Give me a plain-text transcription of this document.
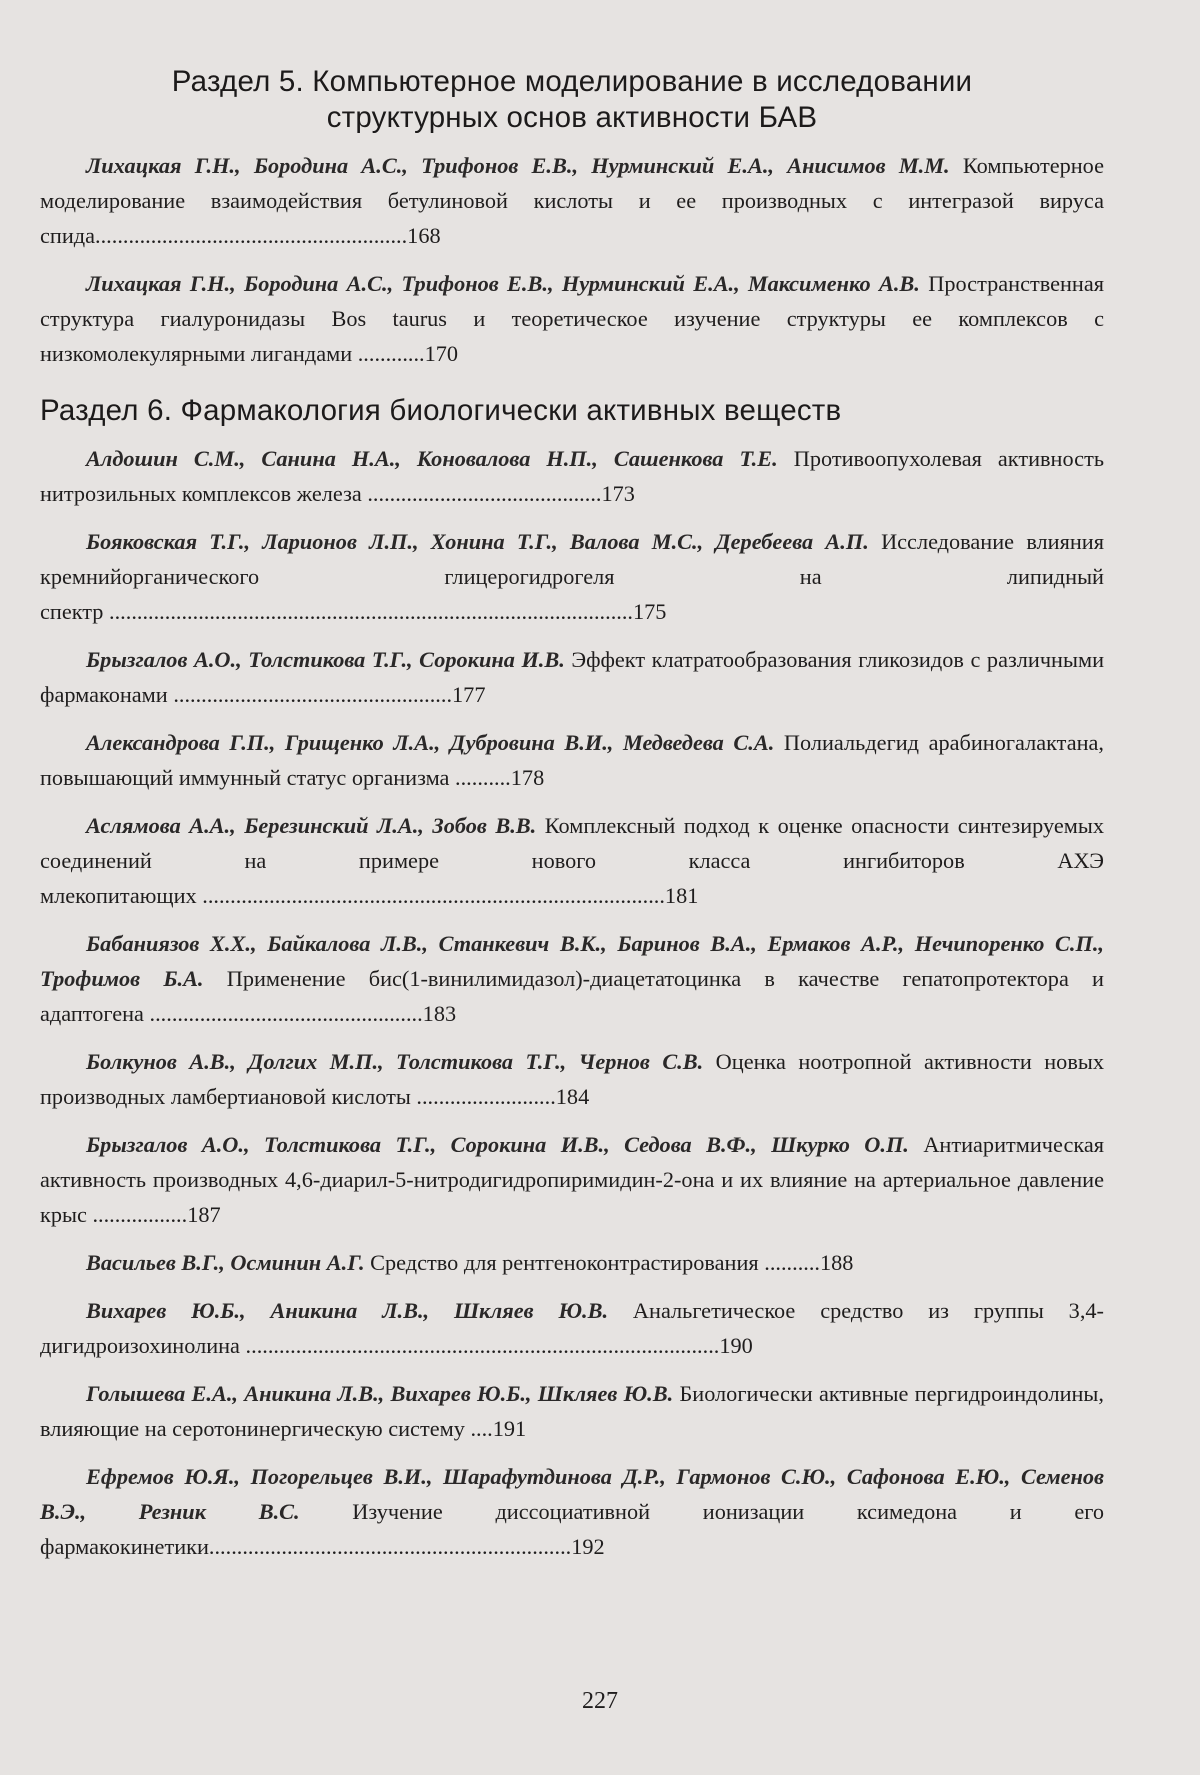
Раздел 5. Компьютерное моделирование в исследовании
структурных основ активности БАВ

Лихацкая Г.Н., Бородина А.С., Трифонов Е.В., Нурминский Е.А., Анисимов М.М. Компьютерное моделирование взаимодействия бетулиновой кислоты и ее производных с интегразой вируса спида........................................................168

Лихацкая Г.Н., Бородина А.С., Трифонов Е.В., Нурминский Е.А., Максименко А.В. Пространственная структура гиалуронидазы Bos taurus и теоретическое изучение структуры ее комплексов с низкомолекулярными лигандами ............170

Раздел 6. Фармакология биологически активных веществ

Алдошин С.М., Санина Н.А., Коновалова Н.П., Сашенкова Т.Е. Противоопухолевая активность нитрозильных комплексов железа ..........................................173

Бояковская Т.Г., Ларионов Л.П., Хонина Т.Г., Валова М.С., Деребеева А.П. Исследование влияния кремнийорганического глицерогидрогеля на липидный спектр ..............................................................................................175

Брызгалов А.О., Толстикова Т.Г., Сорокина И.В. Эффект клатратообразования гликозидов с различными фармаконами ..................................................177

Александрова Г.П., Грищенко Л.А., Дубровина В.И., Медведева С.А. Полиальдегид арабиногалактана, повышающий иммунный статус организма ..........178

Аслямова А.А., Березинский Л.А., Зобов В.В. Комплексный подход к оценке опасности синтезируемых соединений на примере нового класса ингибиторов АХЭ млекопитающих ...................................................................................181

Бабаниязов Х.Х., Байкалова Л.В., Станкевич В.К., Баринов В.А., Ермаков А.Р., Нечипоренко С.П., Трофимов Б.А. Применение бис(1-винилимидазол)-диацетатоцинка в качестве гепатопротектора и адаптогена .................................................183

Болкунов А.В., Долгих М.П., Толстикова Т.Г., Чернов С.В. Оценка ноотропной активности новых производных ламбертиановой кислоты .........................184

Брызгалов А.О., Толстикова Т.Г., Сорокина И.В., Седова В.Ф., Шкурко О.П. Антиаритмическая активность производных 4,6-диарил-5-нитродигидропиримидин-2-она и их влияние на артериальное давление крыс .................187

Васильев В.Г., Осминин А.Г. Средство для рентгеноконтрастирования ..........188

Вихарев Ю.Б., Аникина Л.В., Шкляев Ю.В. Анальгетическое средство из группы 3,4-дигидроизохинолина .....................................................................................190

Голышева Е.А., Аникина Л.В., Вихарев Ю.Б., Шкляев Ю.В. Биологически активные пергидроиндолины, влияющие на серотонинергическую систему ....191

Ефремов Ю.Я., Погорельцев В.И., Шарафутдинова Д.Р., Гармонов С.Ю., Сафонова Е.Ю., Семенов В.Э., Резник В.С. Изучение диссоциативной ионизации ксимедона и его фармакокинетики.................................................................192

227
